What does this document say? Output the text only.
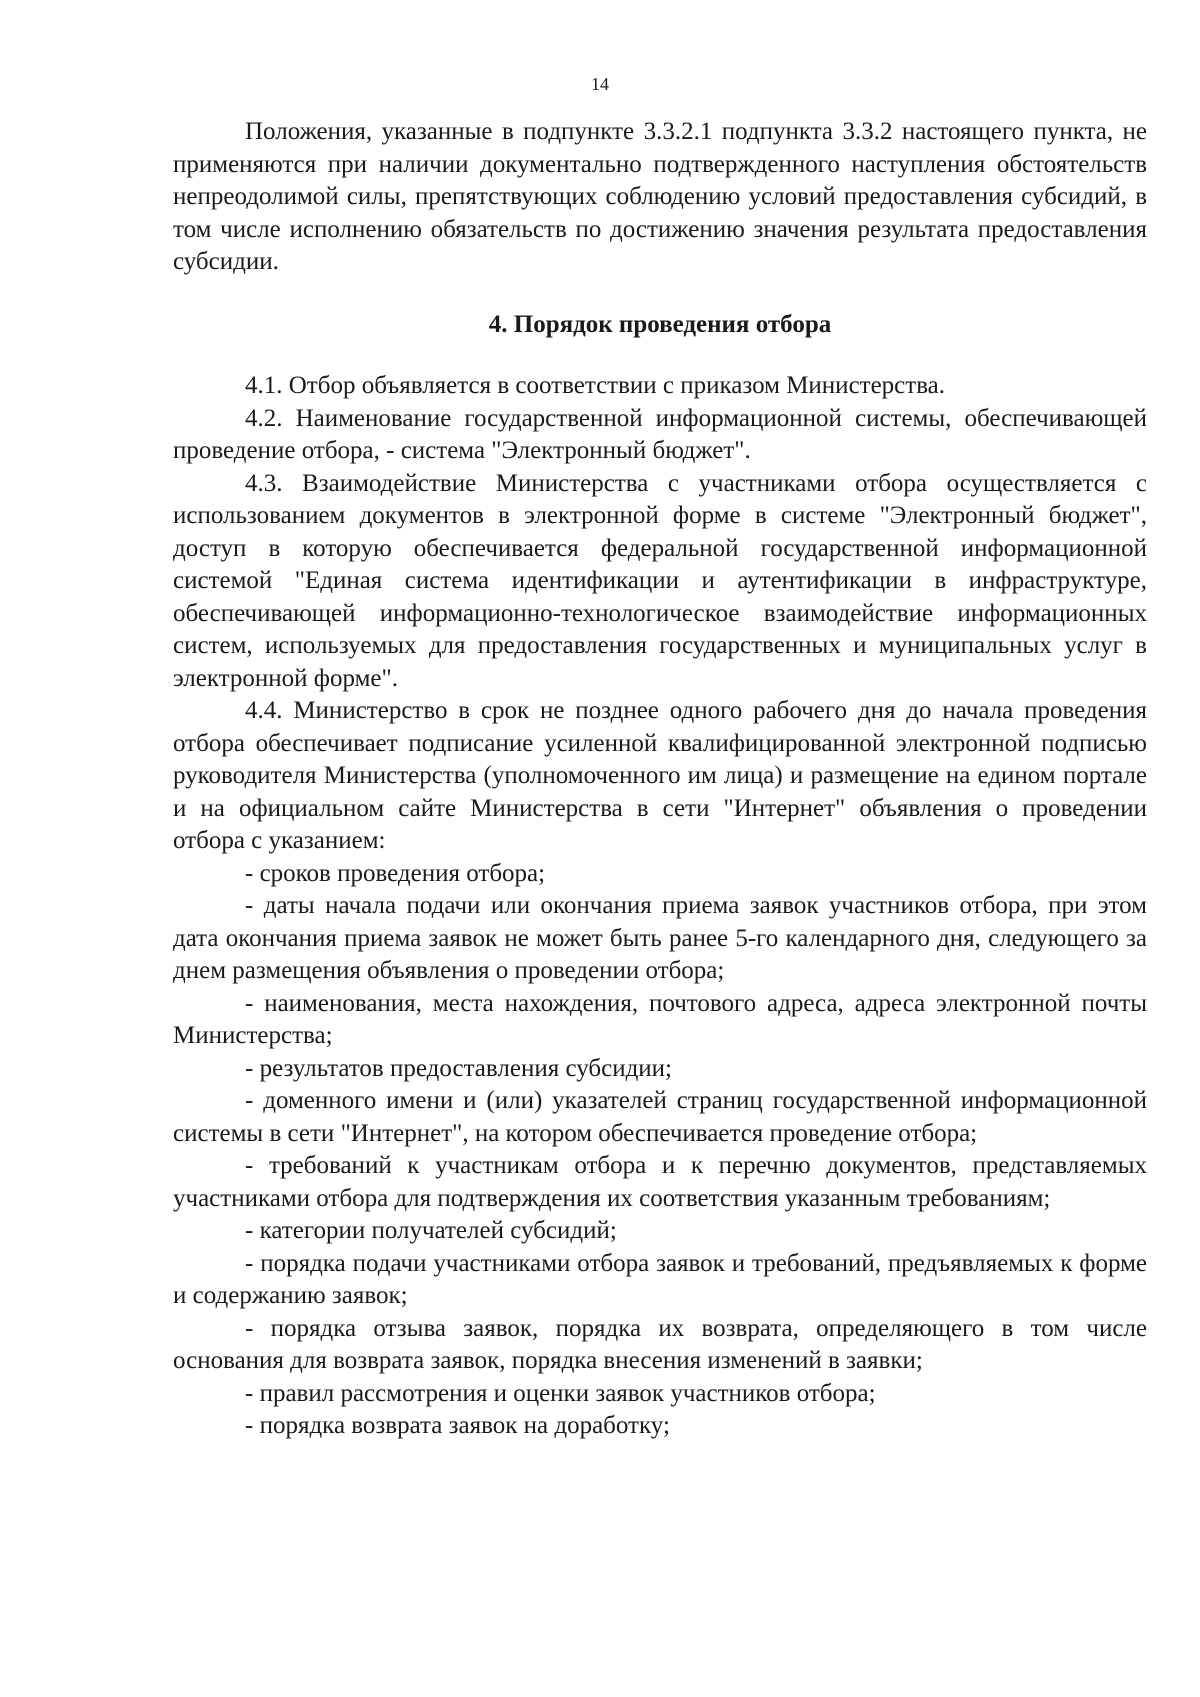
14

Положения, указанные в подпункте 3.3.2.1 подпункта 3.3.2 настоящего пункта, не применяются при наличии документально подтвержденного наступления обстоятельств непреодолимой силы, препятствующих соблюдению условий предоставления субсидий, в том числе исполнению обязательств по достижению значения результата предоставления субсидии.

4. Порядок проведения отбора

4.1. Отбор объявляется в соответствии с приказом Министерства.

4.2. Наименование государственной информационной системы, обеспечивающей проведение отбора, - система "Электронный бюджет".

4.3. Взаимодействие Министерства с участниками отбора осуществляется с использованием документов в электронной форме в системе "Электронный бюджет", доступ в которую обеспечивается федеральной государственной информационной системой "Единая система идентификации и аутентификации в инфраструктуре, обеспечивающей информационно-технологическое взаимодействие информационных систем, используемых для предоставления государственных и муниципальных услуг в электронной форме".

4.4. Министерство в срок не позднее одного рабочего дня до начала проведения отбора обеспечивает подписание усиленной квалифицированной электронной подписью руководителя Министерства (уполномоченного им лица) и размещение на едином портале и на официальном сайте Министерства в сети "Интернет" объявления о проведении отбора с указанием:

- сроков проведения отбора;

- даты начала подачи или окончания приема заявок участников отбора, при этом дата окончания приема заявок не может быть ранее 5-го календарного дня, следующего за днем размещения объявления о проведении отбора;

- наименования, места нахождения, почтового адреса, адреса электронной почты Министерства;

- результатов предоставления субсидии;

- доменного имени и (или) указателей страниц государственной информационной системы в сети "Интернет", на котором обеспечивается проведение отбора;

- требований к участникам отбора и к перечню документов, представляемых участниками отбора для подтверждения их соответствия указанным требованиям;

- категории получателей субсидий;

- порядка подачи участниками отбора заявок и требований, предъявляемых к форме и содержанию заявок;

- порядка отзыва заявок, порядка их возврата, определяющего в том числе основания для возврата заявок, порядка внесения изменений в заявки;

- правил рассмотрения и оценки заявок участников отбора;

- порядка возврата заявок на доработку;
